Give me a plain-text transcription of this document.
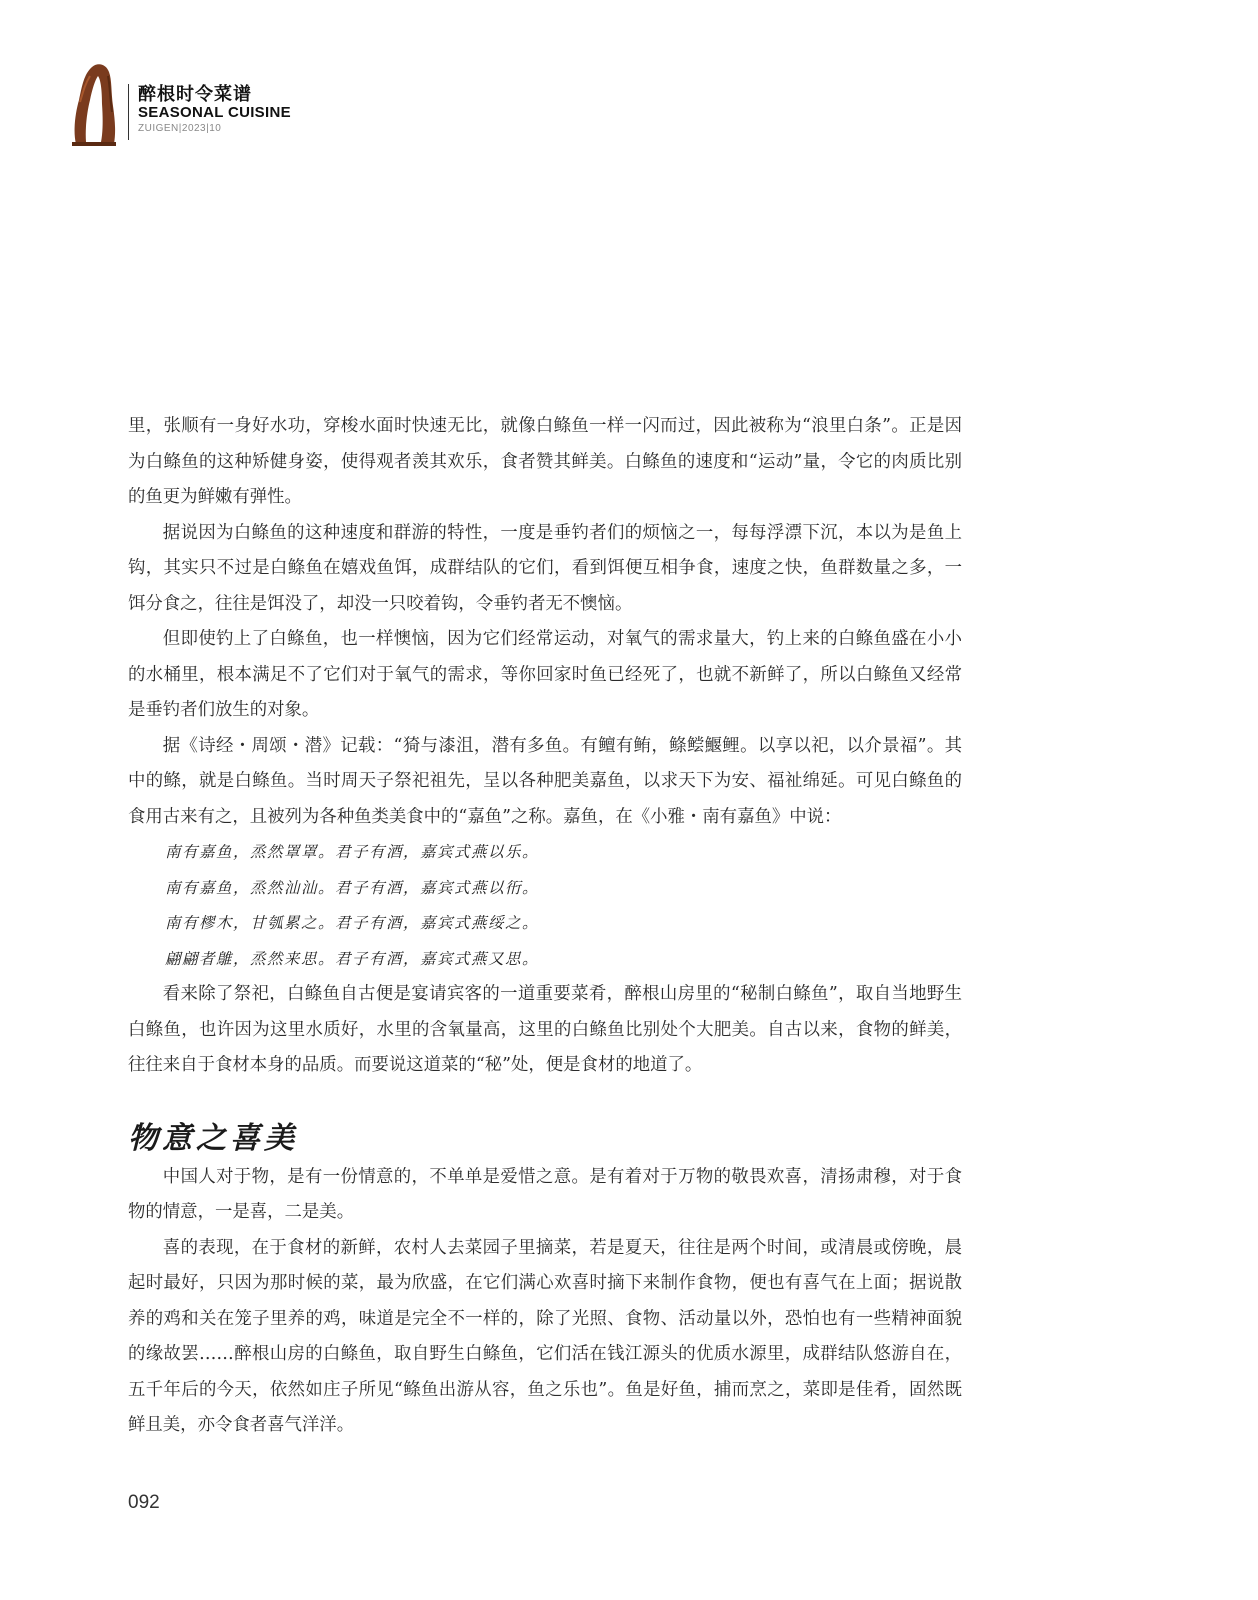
醉根时令菜谱
SEASONAL CUISINE
ZUIGEN|2023|10

里，张顺有一身好水功，穿梭水面时快速无比，就像白鲦鱼一样一闪而过，因此被称为“浪里白条”。正是因为白鲦鱼的这种矫健身姿，使得观者羡其欢乐，食者赞其鲜美。白鲦鱼的速度和“运动”量，令它的肉质比别的鱼更为鲜嫩有弹性。

据说因为白鲦鱼的这种速度和群游的特性，一度是垂钓者们的烦恼之一，每每浮漂下沉，本以为是鱼上钩，其实只不过是白鲦鱼在嬉戏鱼饵，成群结队的它们，看到饵便互相争食，速度之快，鱼群数量之多，一饵分食之，往往是饵没了，却没一只咬着钩，令垂钓者无不懊恼。

但即使钓上了白鲦鱼，也一样懊恼，因为它们经常运动，对氧气的需求量大，钓上来的白鲦鱼盛在小小的水桶里，根本满足不了它们对于氧气的需求，等你回家时鱼已经死了，也就不新鲜了，所以白鲦鱼又经常是垂钓者们放生的对象。

据《诗经・周颂・潜》记载：“猗与漆沮，潜有多鱼。有鳣有鲔，鲦鲿鰋鲤。以享以祀，以介景福”。其中的鲦，就是白鲦鱼。当时周天子祭祀祖先，呈以各种肥美嘉鱼，以求天下为安、福祉绵延。可见白鲦鱼的食用古来有之，且被列为各种鱼类美食中的“嘉鱼”之称。嘉鱼，在《小雅・南有嘉鱼》中说：

南有嘉鱼，烝然罩罩。君子有酒，嘉宾式燕以乐。

南有嘉鱼，烝然汕汕。君子有酒，嘉宾式燕以衎。

南有樛木，甘瓠累之。君子有酒，嘉宾式燕绥之。

翩翩者鵻，烝然来思。君子有酒，嘉宾式燕又思。

看来除了祭祀，白鲦鱼自古便是宴请宾客的一道重要菜肴，醉根山房里的“秘制白鲦鱼”，取自当地野生白鲦鱼，也许因为这里水质好，水里的含氧量高，这里的白鲦鱼比别处个大肥美。自古以来，食物的鲜美，往往来自于食材本身的品质。而要说这道菜的“秘”处，便是食材的地道了。

物意之喜美

中国人对于物，是有一份情意的，不单单是爱惜之意。是有着对于万物的敬畏欢喜，清扬肃穆，对于食物的情意，一是喜，二是美。

喜的表现，在于食材的新鲜，农村人去菜园子里摘菜，若是夏天，往往是两个时间，或清晨或傍晚，晨起时最好，只因为那时候的菜，最为欣盛，在它们满心欢喜时摘下来制作食物，便也有喜气在上面；据说散养的鸡和关在笼子里养的鸡，味道是完全不一样的，除了光照、食物、活动量以外，恐怕也有一些精神面貌的缘故罢……醉根山房的白鲦鱼，取自野生白鲦鱼，它们活在钱江源头的优质水源里，成群结队悠游自在，五千年后的今天，依然如庄子所见“鲦鱼出游从容，鱼之乐也”。鱼是好鱼，捕而烹之，菜即是佳肴，固然既鲜且美，亦令食者喜气洋洋。

092
